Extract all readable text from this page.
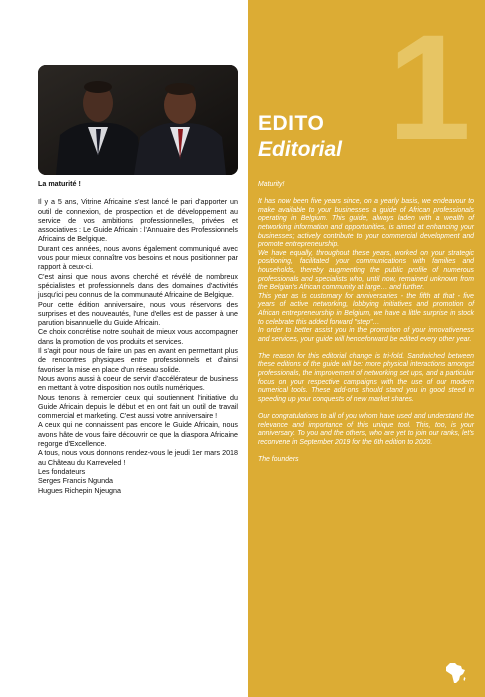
La maturité !

Il y a 5 ans, Vitrine Africaine s'est lancé le pari d'apporter un outil de connexion, de prospection et de développement au service de vos ambitions professionnelles, privées et associatives : Le Guide Africain : l'Annuaire des Professionnels Africains de Belgique.

Durant ces années, nous avons également communiqué avec vous pour mieux connaître vos besoins et nous positionner par rapport à ceux-ci.

C'est ainsi que nous avons cherché et révélé de nombreux spécialistes et professionnels dans des domaines d'activités jusqu'ici peu connus de la communauté Africaine de Belgique.

Pour cette édition anniversaire, nous vous réservons des surprises et des nouveautés, l'une d'elles est de passer à une parution bisannuelle du Guide Africain.

Ce choix concrétise notre souhait de mieux vous accompagner dans la promotion de vos produits et services.

Il s'agit pour nous de faire un pas en avant en permettant plus de rencontres physiques entre professionnels et d'ainsi favoriser la mise en place d'un réseau solide.

Nous avons aussi à coeur de servir d'accélérateur de business en mettant à votre disposition nos outils numériques.

Nous tenons à remercier ceux qui soutiennent l'initiative du Guide Africain depuis le début et en ont fait un outil de travail commercial et marketing. C'est aussi votre anniversaire !

A ceux qui ne connaissent pas encore le Guide Africain, nous avons hâte de vous faire découvrir ce que la diaspora Africaine regorge d'Excellence.

A tous, nous vous donnons rendez-vous le jeudi 1er mars 2018 au Château du Karreveled !

Les fondateurs

Serges Francis Ngunda

Hugues Richepin Njeugna

1
EDITO
Editorial

Maturity!

It has now been five years since, on a yearly basis, we endeavour to make available to your businesses a guide of African professionals operating in Belgium. This guide, always laden with a wealth of networking information and opportunities, is aimed at enhancing your businesses; actively contribute to your commercial development and promote entrepreneurship.

We have equally, throughout these years, worked on your strategic positioning, facilitated your communications with families and households, thereby augmenting the public profile of numerous professionals and specialists who, until now, remained unknown from the Belgian's African community at large… and further.

This year as is customary for anniversaries - the fifth at that - five years of active networking, lobbying initiatives and promotion of African entrepreneurship in Belgium, we have a little surprise in stock to celebrate this added forward "step"…

In order to better assist you in the promotion of your innovativeness and services, your guide will henceforward be edited every other year.

The reason for this editorial change is tri-fold. Sandwiched between these editions of the guide will be: more physical interactions amongst professionals, the improvement of networking set ups, and a particular focus on your respective campaigns with the use of our modern numerical tools. These add-ons should stand you in good steed in speeding up your conquests of new market shares.

Our congratulations to all of you whom have used and understand the relevance and importance of this unique tool. This, too, is your anniversary. To you and the others, who are yet to join our ranks, let's reconvene in September 2019 for the 6th edition to 2020.

The founders
